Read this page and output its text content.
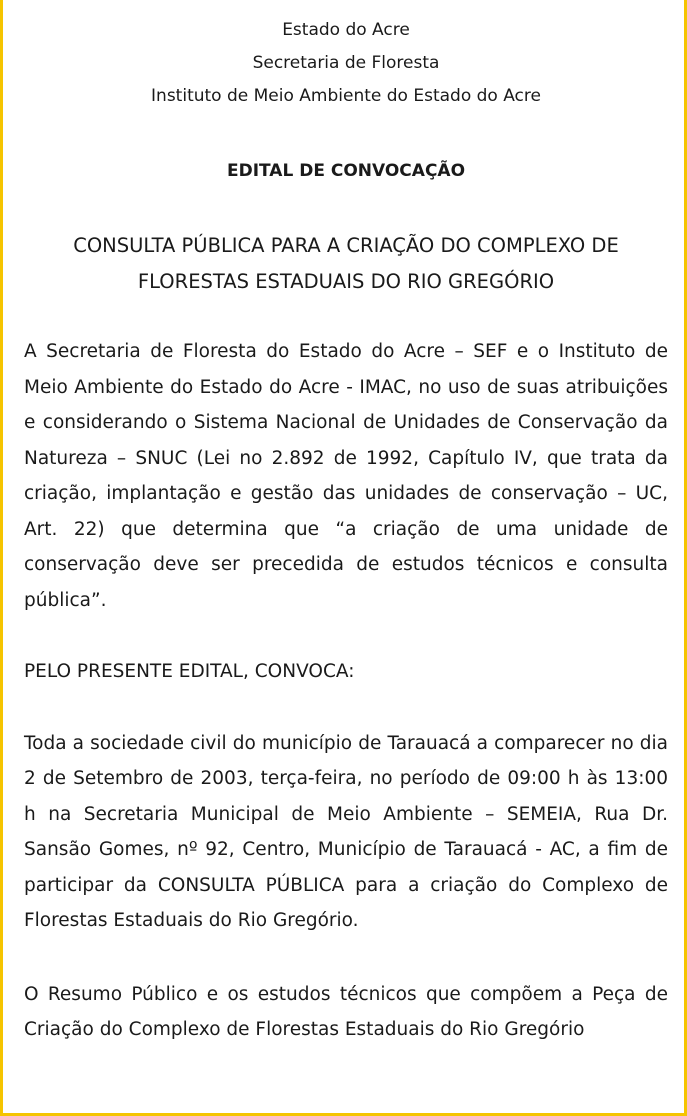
Estado do Acre
Secretaria de Floresta
Instituto de Meio Ambiente do Estado do Acre
EDITAL DE CONVOCAÇÃO
CONSULTA PÚBLICA PARA A CRIAÇÃO DO COMPLEXO DE
FLORESTAS ESTADUAIS DO RIO GREGÓRIO

A Secretaria de Floresta do Estado do Acre – SEF e o Instituto de Meio Ambiente do Estado do Acre - IMAC, no uso de suas atribuições e considerando o Sistema Nacional de Unidades de Conservação da Natureza – SNUC (Lei no 2.892 de 1992, Capítulo IV, que trata da criação, implantação e gestão das unidades de conservação – UC, Art. 22) que determina que “a criação de uma unidade de conservação deve ser precedida de estudos técnicos e consulta pública”.

PELO PRESENTE EDITAL, CONVOCA:

Toda a sociedade civil do município de Tarauacá a comparecer no dia 2 de Setembro de 2003, terça-feira, no período de 09:00 h às 13:00 h na Secretaria Municipal de Meio Ambiente – SEMEIA, Rua Dr. Sansão Gomes, nº 92, Centro, Município de Tarauacá - AC, a fim de participar da CONSULTA PÚBLICA para a criação do Complexo de Florestas Estaduais do Rio Gregório.

O Resumo Público e os estudos técnicos que compõem a Peça de Criação do Complexo de Florestas Estaduais do Rio Gregório
